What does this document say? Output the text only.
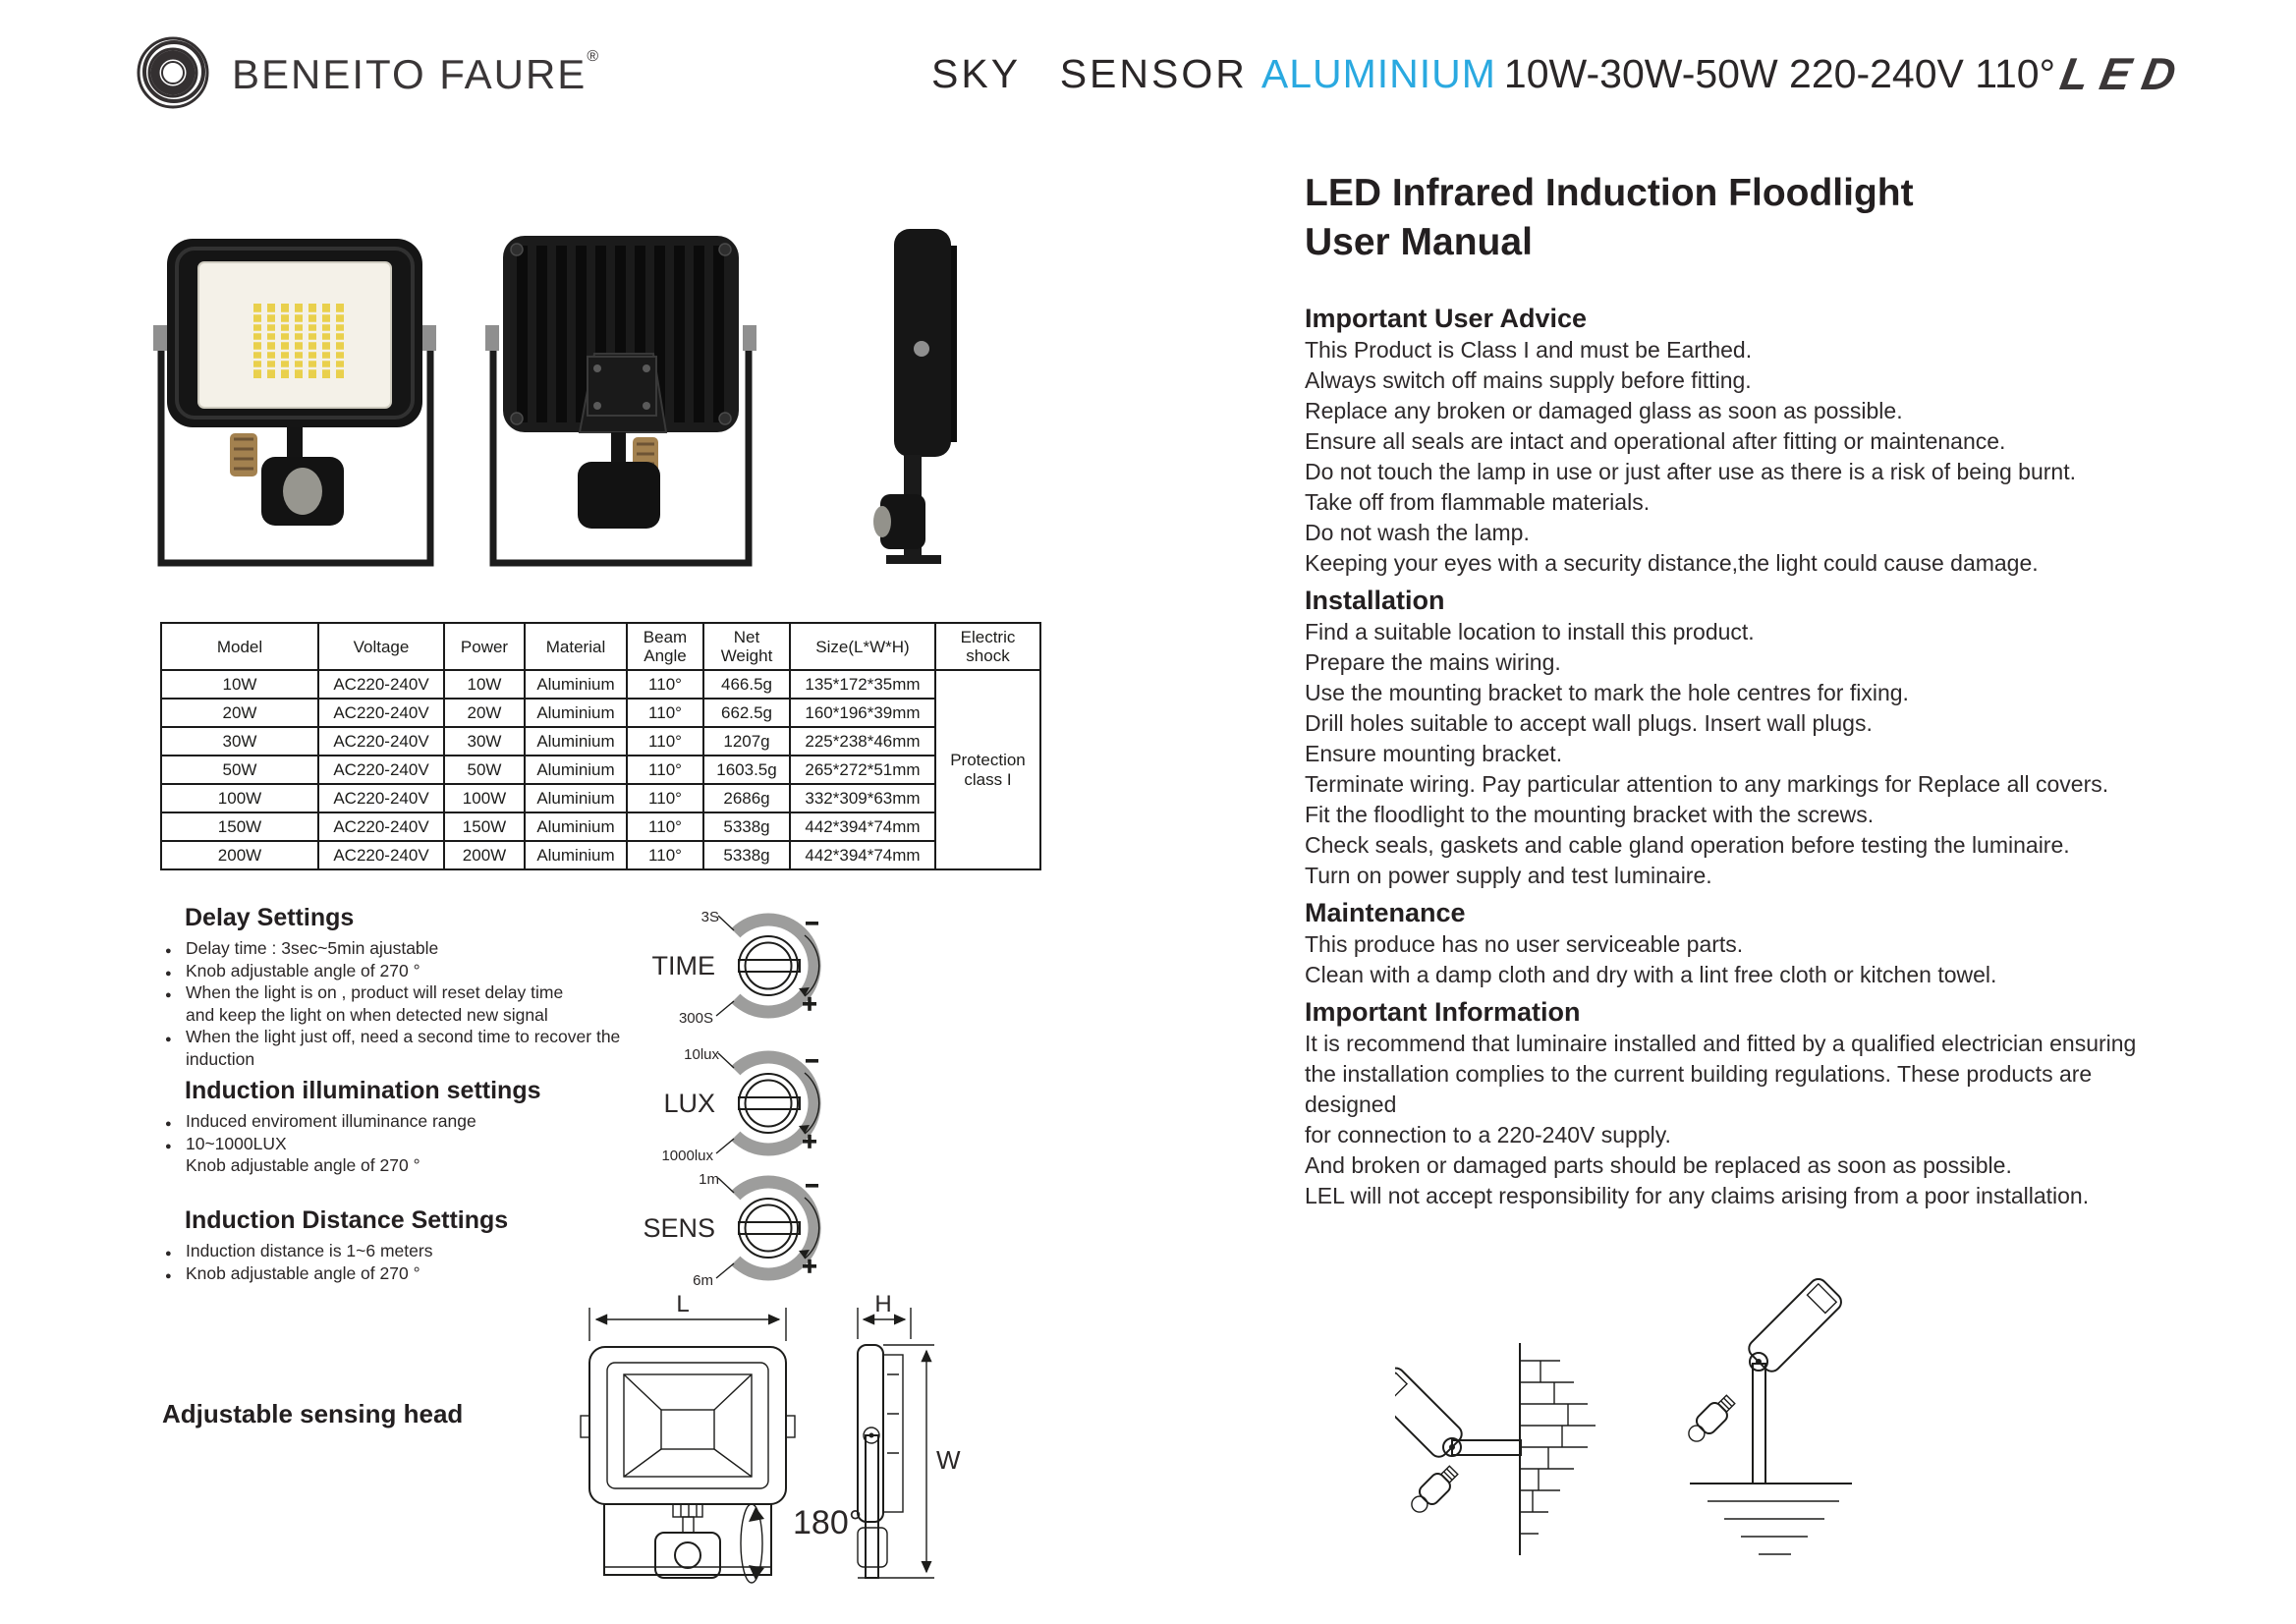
BENEITO FAURE®	SKY SENSOR ALUMINIUM 10W-30W-50W 220-240V 110° LED
Model	Voltage	Power	Material	Beam Angle	Net Weight	Size(L*W*H)	Electric shock
10W	AC220-240V	10W	Aluminium	110°	466.5g	135*172*35mm	Protection class I
20W	AC220-240V	20W	Aluminium	110°	662.5g	160*196*39mm	
30W	AC220-240V	30W	Aluminium	110°	1207g	225*238*46mm	
50W	AC220-240V	50W	Aluminium	110°	1603.5g	265*272*51mm	
100W	AC220-240V	100W	Aluminium	110°	2686g	332*309*63mm	
150W	AC220-240V	150W	Aluminium	110°	5338g	442*394*74mm	
200W	AC220-240V	200W	Aluminium	110°	5338g	442*394*74mm	
Delay Settings
● Delay time : 3sec~5min ajustable
● Knob adjustable angle of 270 °
● When the light is on , product will reset delay time
and keep the light on when detected new signal
● When the light just off, need a second time to recover the
induction
Induction illumination settings
● Induced enviroment illuminance range
● 10~1000LUX
Knob adjustable angle of 270 °
Induction Distance Settings
● Induction distance is 1~6 meters
● Knob adjustable angle of 270 °
TIME
3S
300S
LUX
10lux
1000lux
SENS
1m
6m
L
180°
H
W
Adjustable sensing head
LED Infrared Induction Floodlight
User Manual
Important User Advice
This Product is Class I and must be Earthed.
Always switch off mains supply before fitting.
Replace any broken or damaged glass as soon as possible.
Ensure all seals are intact and operational after fitting or maintenance.
Do not touch the lamp in use or just after use as there is a risk of being burnt.
Take off from flammable materials.
Do not wash the lamp.
Keeping your eyes with a security distance,the light could cause damage.
Installation
Find a suitable location to install this product.
Prepare the mains wiring.
Use the mounting bracket to mark the hole centres for fixing.
Drill holes suitable to accept wall plugs. Insert wall plugs.
Ensure mounting bracket.
Terminate wiring. Pay particular attention to any markings for Replace all covers.
Fit the floodlight to the mounting bracket with the screws.
Check seals, gaskets and cable gland operation before testing the luminaire.
Turn on power supply and test luminaire.
Maintenance
This produce has no user serviceable parts.
Clean with a damp cloth and dry with a lint free cloth or kitchen towel.
Important Information
It is recommend that luminaire installed and fitted by a qualified electrician ensuring
the installation complies to the current building regulations. These products are
designed
for connection to a 220-240V supply.
And broken or damaged parts should be replaced as soon as possible.
LEL will not accept responsibility for any claims arising from a poor installation.
